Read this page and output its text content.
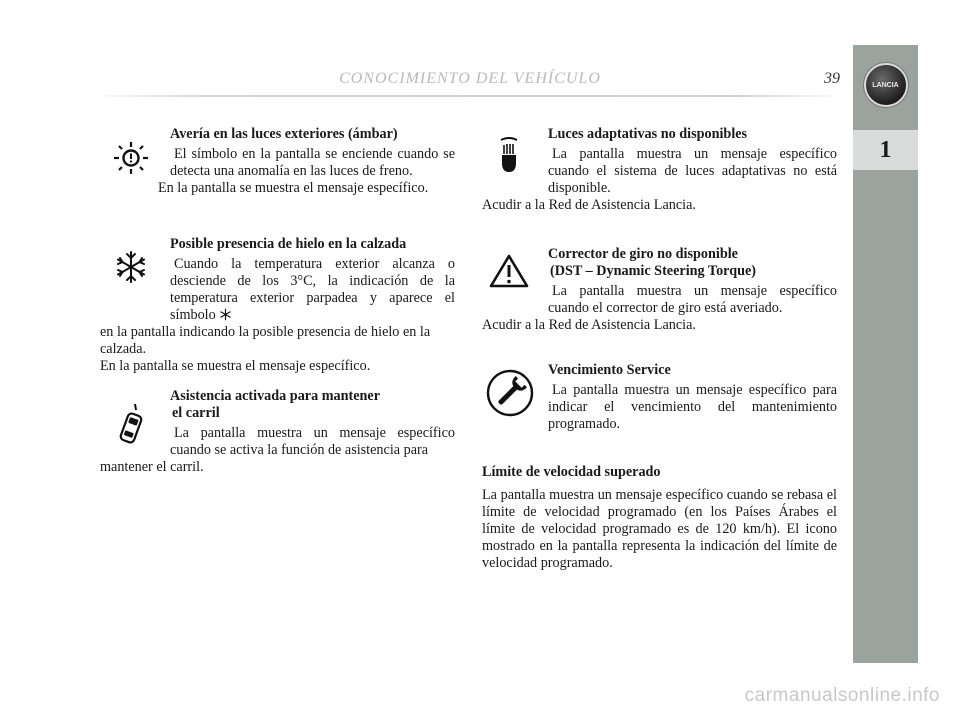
CONOCIMIENTO DEL VEHÍCULO	39	LANCIA
1
Avería en las luces exteriores (ámbar)
El símbolo en la pantalla se enciende cuando se detecta una anomalía en las luces de freno.
En la pantalla se muestra el mensaje específico.
Posible presencia de hielo en la calzada
Cuando la temperatura exterior alcanza o desciende de los 3°C, la indicación de la temperatura exterior parpadea y aparece el símbolo
en la pantalla indicando la posible presencia de hielo en la calzada.
En la pantalla se muestra el mensaje específico.
Asistencia activada para mantener
el carril
La pantalla muestra un mensaje específico cuando se activa la función de asistencia para
mantener el carril.
Luces adaptativas no disponibles
La pantalla muestra un mensaje específico cuando el sistema de luces adaptativas no está disponible.
Acudir a la Red de Asistencia Lancia.
Corrector de giro no disponible
(DST – Dynamic Steering Torque)
La pantalla muestra un mensaje específico cuando el corrector de giro está averiado.
Acudir a la Red de Asistencia Lancia.
Vencimiento Service
La pantalla muestra un mensaje específico para indicar el vencimiento del mantenimiento programado.
Límite de velocidad superado
La pantalla muestra un mensaje específico cuando se rebasa el límite de velocidad programado (en los Países Árabes el límite de velocidad programado es de 120 km/h). El icono mostrado en la pantalla representa la indicación del límite de velocidad programado.
carmanualsonline.info
